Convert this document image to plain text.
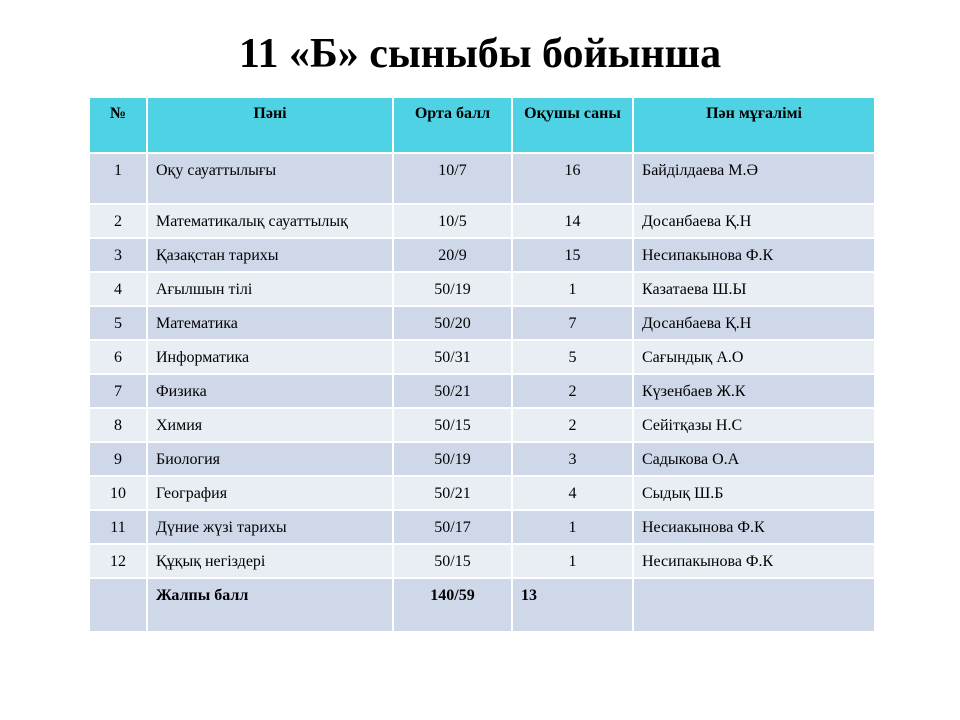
11 «Б» сыныбы бойынша
№	Пәні	Орта балл	Оқушы саны	Пән мұғалімі
1	Оқу сауаттылығы	10/7	16	Байділдаева М.Ә
2	Математикалық сауаттылық	10/5	14	Досанбаева Қ.Н
3	Қазақстан тарихы	20/9	15	Несипакынова Ф.К
4	Ағылшын тілі	50/19	1	Казатаева Ш.Ы
5	Математика	50/20	7	Досанбаева Қ.Н
6	Информатика	50/31	5	Сағындық А.О
7	Физика	50/21	2	Күзенбаев Ж.К
8	Химия	50/15	2	Сейітқазы Н.С
9	Биология	50/19	3	Садыкова О.А
10	География	50/21	4	Сыдық Ш.Б
11	Дүние жүзі тарихы	50/17	1	Несиакынова Ф.К
12	Құқық негіздері	50/15	1	Несипакынова Ф.К
	Жалпы балл	140/59	13	
